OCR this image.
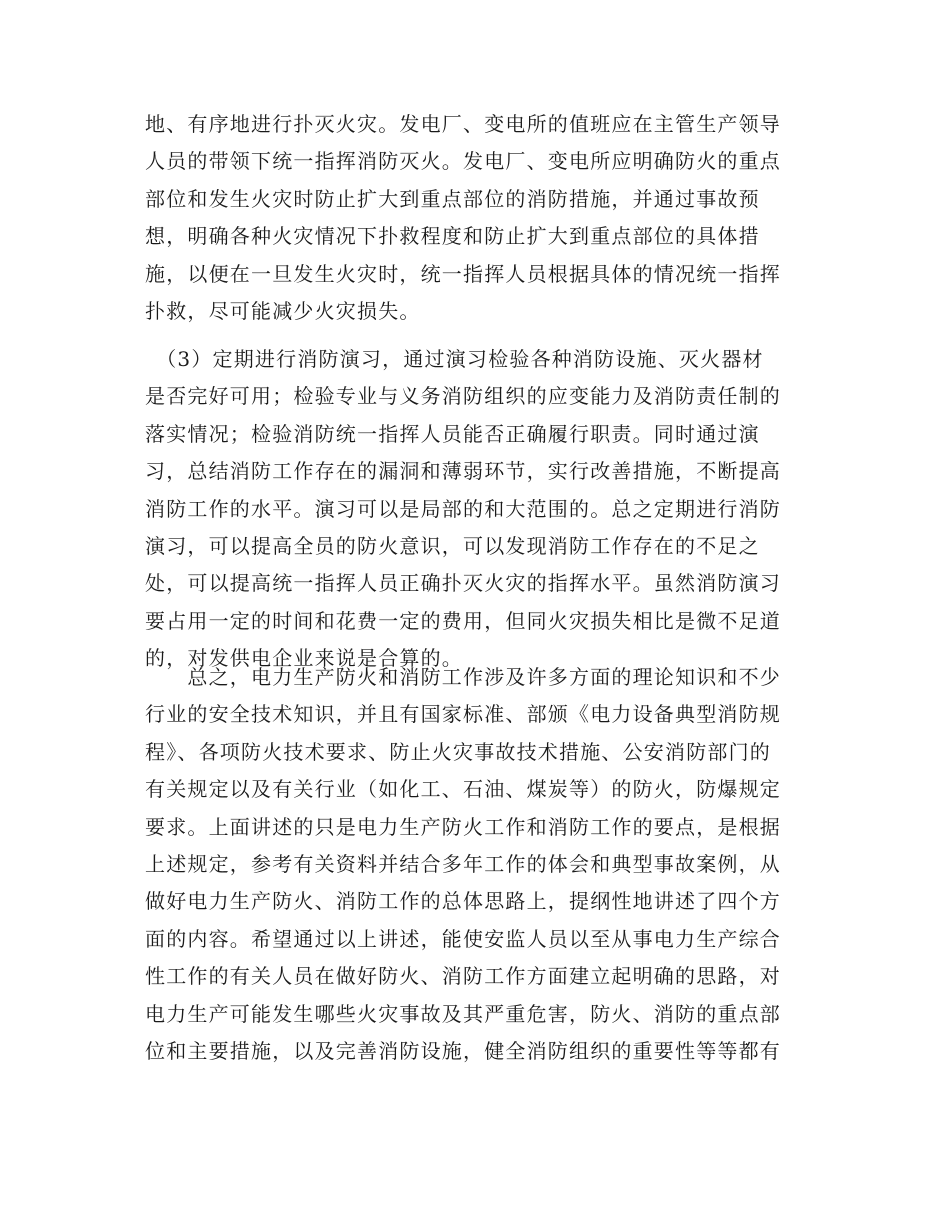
地、有序地进行扑灭火灾。发电厂、变电所的值班应在主管生产领导
人员的带领下统一指挥消防灭火。发电厂、变电所应明确防火的重点
部位和发生火灾时防止扩大到重点部位的消防措施，并通过事故预
想，明确各种火灾情况下扑救程度和防止扩大到重点部位的具体措
施，以便在一旦发生火灾时，统一指挥人员根据具体的情况统一指挥
扑救，尽可能减少火灾损失。
　（3）定期进行消防演习，通过演习检验各种消防设施、灭火器材
是否完好可用；检验专业与义务消防组织的应变能力及消防责任制的
落实情况；检验消防统一指挥人员能否正确履行职责。同时通过演
习，总结消防工作存在的漏洞和薄弱环节，实行改善措施，不断提高
消防工作的水平。演习可以是局部的和大范围的。总之定期进行消防
演习，可以提高全员的防火意识，可以发现消防工作存在的不足之
处，可以提高统一指挥人员正确扑灭火灾的指挥水平。虽然消防演习
要占用一定的时间和花费一定的费用，但同火灾损失相比是微不足道
的，对发供电企业来说是合算的。
　　总之，电力生产防火和消防工作涉及许多方面的理论知识和不少
行业的安全技术知识，并且有国家标准、部颁《电力设备典型消防规
程》、各项防火技术要求、防止火灾事故技术措施、公安消防部门的
有关规定以及有关行业（如化工、石油、煤炭等）的防火，防爆规定
要求。上面讲述的只是电力生产防火工作和消防工作的要点，是根据
上述规定，参考有关资料并结合多年工作的体会和典型事故案例，从
做好电力生产防火、消防工作的总体思路上，提纲性地讲述了四个方
面的内容。希望通过以上讲述，能使安监人员以至从事电力生产综合
性工作的有关人员在做好防火、消防工作方面建立起明确的思路，对
电力生产可能发生哪些火灾事故及其严重危害，防火、消防的重点部
位和主要措施，以及完善消防设施，健全消防组织的重要性等等都有
